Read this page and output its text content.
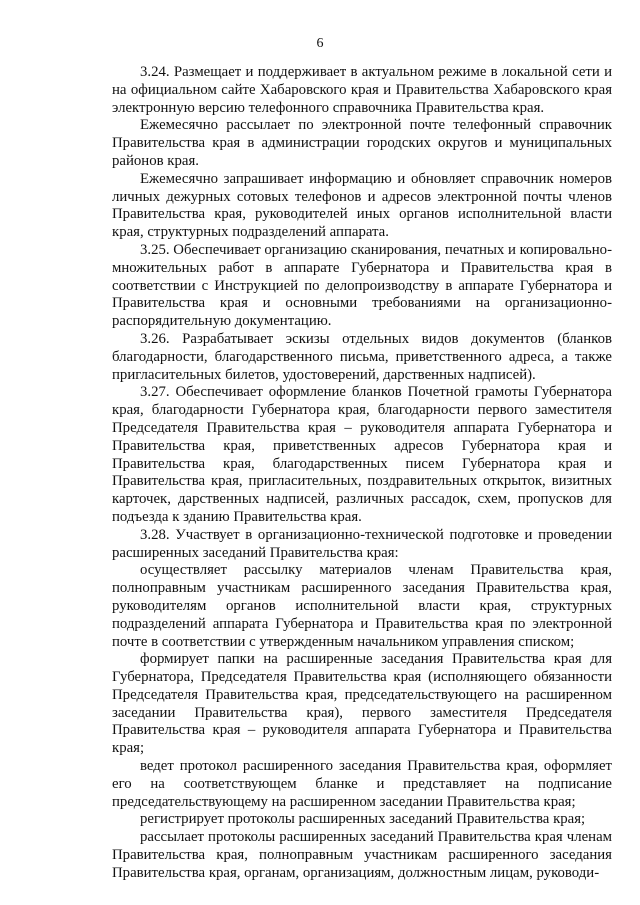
6

3.24. Размещает и поддерживает в актуальном режиме в локальной сети и на официальном сайте Хабаровского края и Правительства Хабаровского края электронную версию телефонного справочника Правительства края.

Ежемесячно рассылает по электронной почте телефонный справочник Правительства края в администрации городских округов и муниципальных районов края.

Ежемесячно запрашивает информацию и обновляет справочник номеров личных дежурных сотовых телефонов и адресов электронной почты членов Правительства края, руководителей иных органов исполнительной власти края, структурных подразделений аппарата.

3.25. Обеспечивает организацию сканирования, печатных и копировально-множительных работ в аппарате Губернатора и Правительства края в соответствии с Инструкцией по делопроизводству в аппарате Губернатора и Правительства края и основными требованиями на организационно-распорядительную документацию.

3.26. Разрабатывает эскизы отдельных видов документов (бланков благодарности, благодарственного письма, приветственного адреса, а также пригласительных билетов, удостоверений, дарственных надписей).

3.27. Обеспечивает оформление бланков Почетной грамоты Губернатора края, благодарности Губернатора края, благодарности первого заместителя Председателя Правительства края – руководителя аппарата Губернатора и Правительства края, приветственных адресов Губернатора края и Правительства края, благодарственных писем Губернатора края и Правительства края, пригласительных, поздравительных открыток, визитных карточек, дарственных надписей, различных рассадок, схем, пропусков для подъезда к зданию Правительства края.

3.28. Участвует в организационно-технической подготовке и проведении расширенных заседаний Правительства края:

осуществляет рассылку материалов членам Правительства края, полноправным участникам расширенного заседания Правительства края, руководителям органов исполнительной власти края, структурных подразделений аппарата Губернатора и Правительства края по электронной почте в соответствии с утвержденным начальником управления списком;

формирует папки на расширенные заседания Правительства края для Губернатора, Председателя Правительства края (исполняющего обязанности Председателя Правительства края, председательствующего на расширенном заседании Правительства края), первого заместителя Председателя Правительства края – руководителя аппарата Губернатора и Правительства края;

ведет протокол расширенного заседания Правительства края, оформляет его на соответствующем бланке и представляет на подписание председательствующему на расширенном заседании Правительства края;

регистрирует протоколы расширенных заседаний Правительства края;

рассылает протоколы расширенных заседаний Правительства края членам Правительства края, полноправным участникам расширенного заседания Правительства края, органам, организациям, должностным лицам, руководи-
